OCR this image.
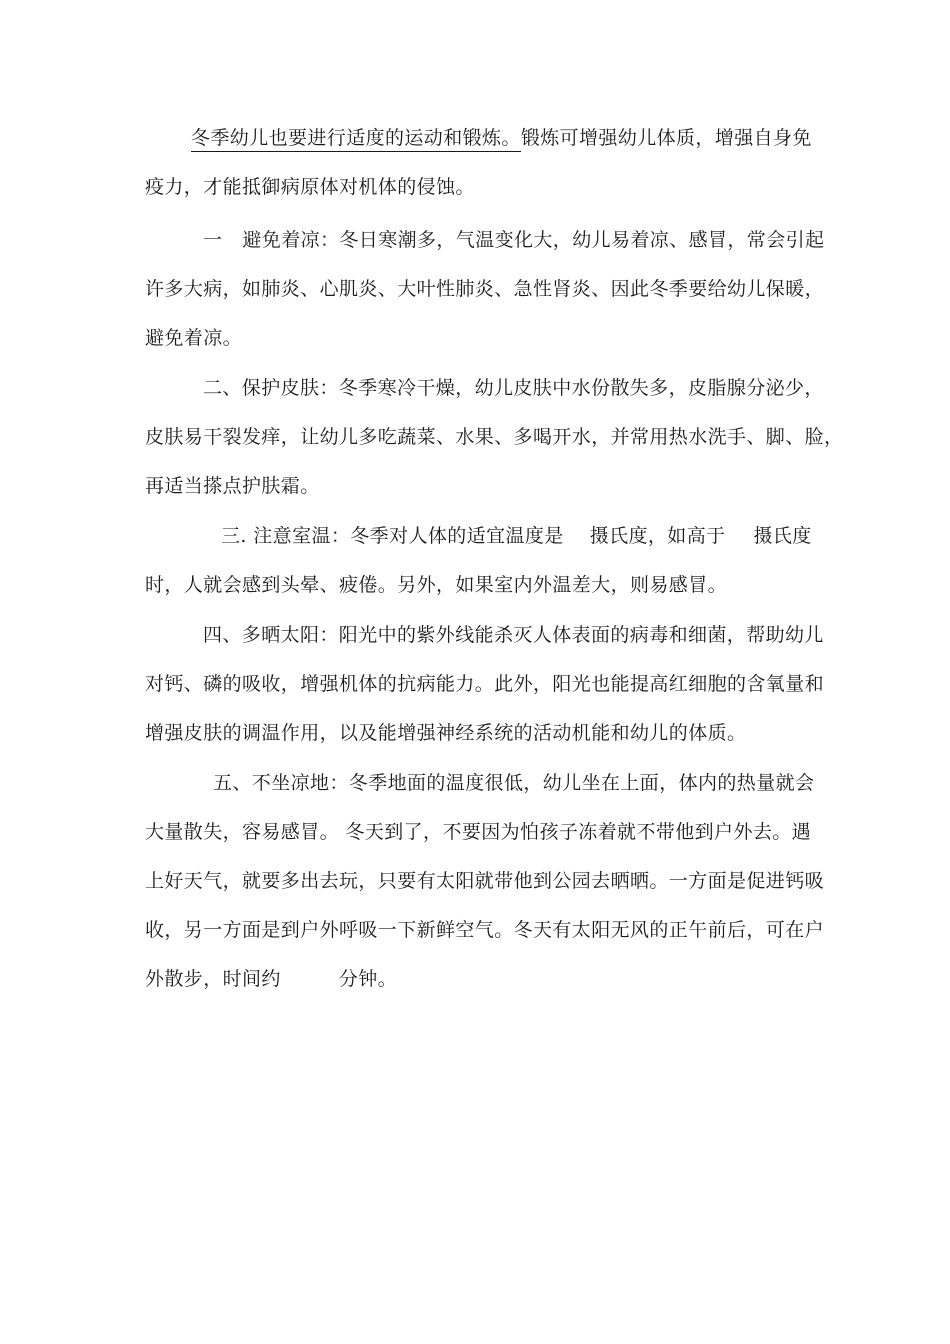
冬季幼儿也要进行适度的运动和锻炼。锻炼可增强幼儿体质，增强自身免
疫力，才能抵御病原体对机体的侵蚀。
一 避免着凉：冬日寒潮多，气温变化大，幼儿易着凉、感冒，常会引起
许多大病，如肺炎、心肌炎、大叶性肺炎、急性肾炎、因此冬季要给幼儿保暖，
避免着凉。
二、保护皮肤：冬季寒冷干燥，幼儿皮肤中水份散失多，皮脂腺分泌少，
皮肤易干裂发痒，让幼儿多吃蔬菜、水果、多喝开水，并常用热水洗手、脚、脸，
再适当搽点护肤霜。
三. 注意室温：冬季对人体的适宜温度是 摄氏度，如高于 摄氏度
时，人就会感到头晕、疲倦。另外，如果室内外温差大，则易感冒。
四、多晒太阳：阳光中的紫外线能杀灭人体表面的病毒和细菌，帮助幼儿
对钙、磷的吸收，增强机体的抗病能力。此外，阳光也能提高红细胞的含氧量和
增强皮肤的调温作用，以及能增强神经系统的活动机能和幼儿的体质。
五、不坐凉地：冬季地面的温度很低，幼儿坐在上面，体内的热量就会
大量散失，容易感冒。 冬天到了，不要因为怕孩子冻着就不带他到户外去。遇
上好天气，就要多出去玩，只要有太阳就带他到公园去晒晒。一方面是促进钙吸
收，另一方面是到户外呼吸一下新鲜空气。冬天有太阳无风的正午前后，可在户
外散步，时间约	分钟。
